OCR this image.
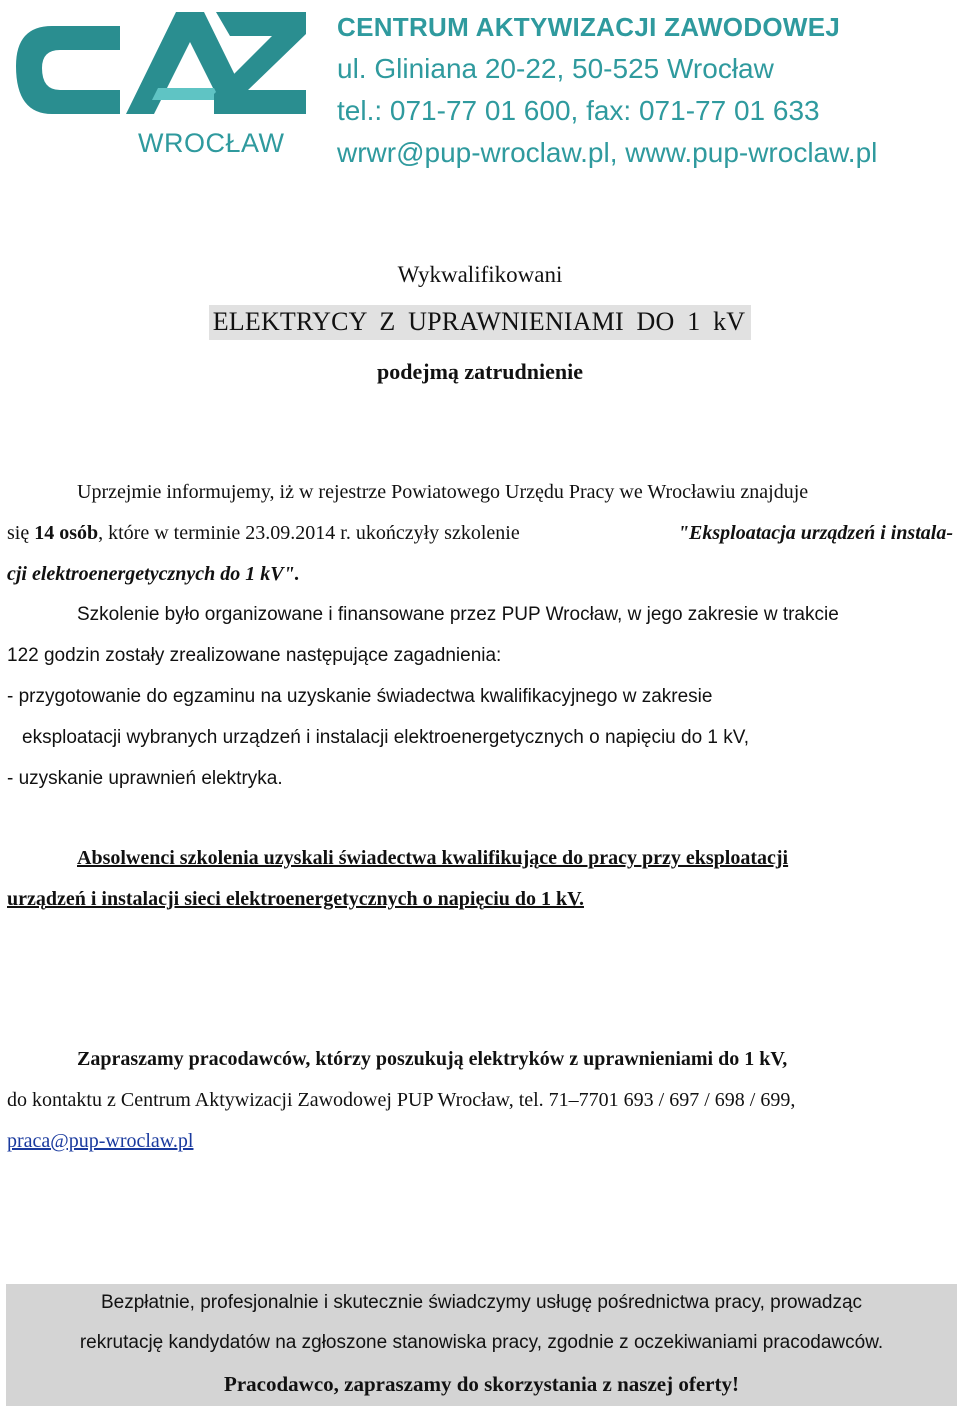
CAZ
WROCŁAW
CENTRUM AKTYWIZACJI ZAWODOWEJ
ul. Gliniana 20-22, 50-525 Wrocław
tel.: 071-77 01 600, fax: 071-77 01 633
wrwr@pup-wroclaw.pl, www.pup-wroclaw.pl
Wykwalifikowani
ELEKTRYCY Z UPRAWNIENIAMI DO 1 kV
podejmą zatrudnienie
Uprzejmie informujemy, iż w rejestrze Powiatowego Urzędu Pracy we Wrocławiu znajduje
się 14 osób, które w terminie 23.09.2014 r. ukończyły szkolenie	"Eksploatacja urządzeń i instala-
cji elektroenergetycznych do 1 kV".
Szkolenie było organizowane i finansowane przez PUP Wrocław, w jego zakresie w trakcie
122 godzin zostały zrealizowane następujące zagadnienia:
- przygotowanie do egzaminu na uzyskanie świadectwa kwalifikacyjnego w zakresie
eksploatacji wybranych urządzeń i instalacji elektroenergetycznych o napięciu do 1 kV,
- uzyskanie uprawnień elektryka.
Absolwenci szkolenia uzyskali świadectwa kwalifikujące do pracy przy eksploatacji
urządzeń i instalacji sieci elektroenergetycznych o napięciu do 1 kV.
Zapraszamy pracodawców, którzy poszukują elektryków z uprawnieniami do 1 kV,
do kontaktu z Centrum Aktywizacji Zawodowej PUP Wrocław, tel. 71–7701 693 / 697 / 698 / 699,
praca@pup-wroclaw.pl
Bezpłatnie, profesjonalnie i skutecznie świadczymy usługę pośrednictwa pracy, prowadząc
rekrutację kandydatów na zgłoszone stanowiska pracy, zgodnie z oczekiwaniami pracodawców.
Pracodawco, zapraszamy do skorzystania z naszej oferty!
